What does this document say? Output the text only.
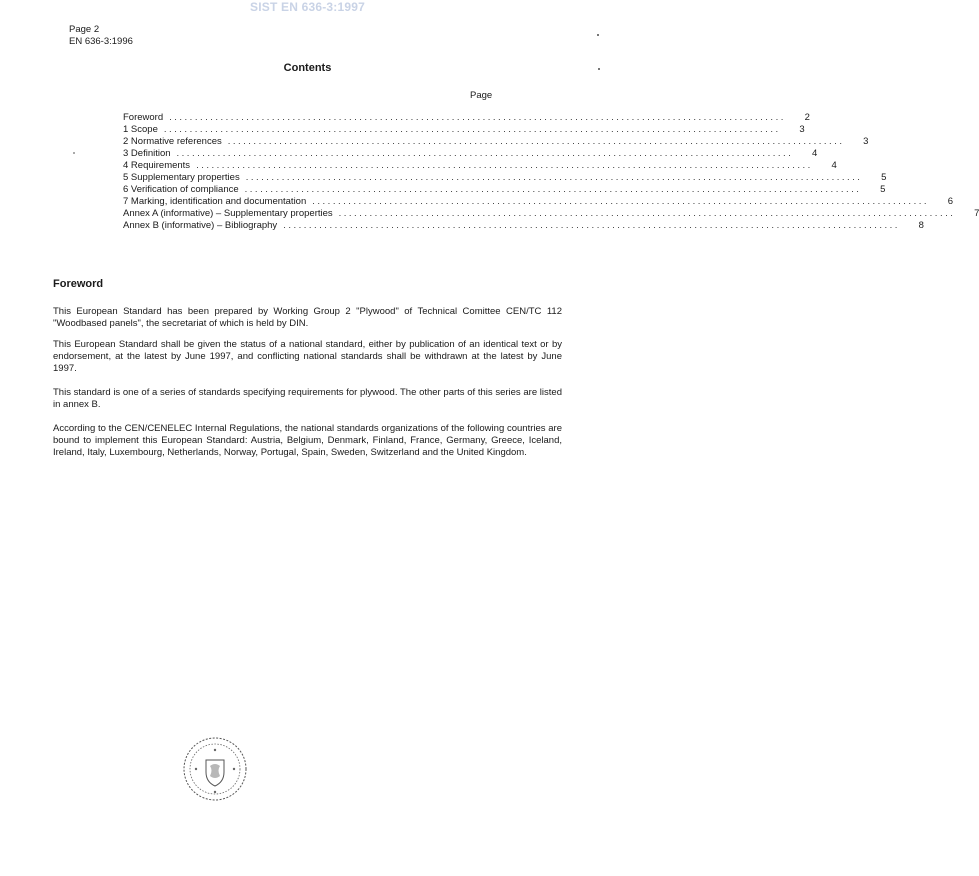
SIST EN 636-3:1997
Page 2
EN 636-3:1996
Contents
Page
Foreword ........................................................................................................................	2
1 Scope ........................................................................................................................	3
2 Normative references ........................................................................................................................	3
3 Definition ........................................................................................................................	4
4 Requirements ........................................................................................................................	4
5 Supplementary properties ........................................................................................................................	5
6 Verification of compliance ........................................................................................................................	5
7 Marking, identification and documentation ........................................................................................................................	6
Annex A (informative) – Supplementary properties ........................................................................................................................	7
Annex B (informative) – Bibliography ........................................................................................................................	8
Foreword

This European Standard has been prepared by Working Group 2 "Plywood" of Technical Comittee CEN/TC 112 "Woodbased panels", the secretariat of which is held by DIN.

This European Standard shall be given the status of a national standard, either by publication of an identical text or by endorsement, at the latest by June 1997, and conflicting national standards shall be withdrawn at the latest by June 1997.

This standard is one of a series of standards specifying requirements for plywood. The other parts of this series are listed in annex B.

According to the CEN/CENELEC Internal Regulations, the national standards organizations of the following countries are bound to implement this European Standard: Austria, Belgium, Denmark, Finland, France, Germany, Greece, Iceland, Ireland, Italy, Luxembourg, Netherlands, Norway, Portugal, Spain, Sweden, Switzerland and the United Kingdom.
